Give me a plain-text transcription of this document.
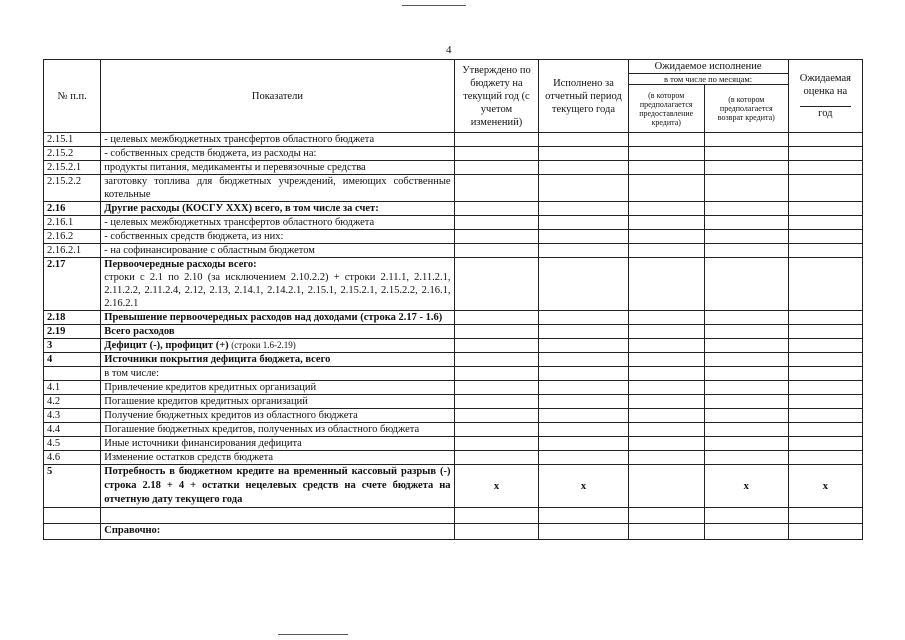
4
№ п.п.	Показатели	Утверждено по бюджету на текущий год (с учетом изменений)	Исполнено за отчетный период текущего года	Ожидаемое исполнение		Ожидаемая оценка на
год
				в том числе по месяцам:		
				(в котором предполагается предоставление кредита)	(в котором предполагается возврат кредита)	
2.15.1	- целевых межбюджетных трансфертов областного бюджета					
2.15.2	- собственных средств бюджета, из расходы на:					
2.15.2.1	продукты питания, медикаменты и перевязочные средства					
2.15.2.2	заготовку топлива для бюджетных учреждений, имеющих собственные котельные					
2.16	Другие расходы (КОСГУ XXX) всего, в том числе за счет:					
2.16.1	- целевых межбюджетных трансфертов областного бюджета					
2.16.2	- собственных средств бюджета, из них:					
2.16.2.1	- на софинансирование с областным бюджетом					
2.17	Первоочередные расходы всего:
строки с 2.1 по 2.10 (за исключением 2.10.2.2) + строки 2.11.1, 2.11.2.1, 2.11.2.2, 2.11.2.4, 2.12, 2.13, 2.14.1, 2.14.2.1, 2.15.1, 2.15.2.1, 2.15.2.2, 2.16.1, 2.16.2.1					
2.18	Превышение первоочередных расходов над доходами (строка 2.17 - 1.6)					
2.19	Всего расходов					
3	Дефицит (-), профицит (+) (строки 1.6-2.19)					
4	Источники покрытия дефицита бюджета, всего					
	в том числе:					
4.1	Привлечение кредитов кредитных организаций					
4.2	Погашение кредитов кредитных организаций					
4.3	Получение бюджетных кредитов из областного бюджета					
4.4	Погашение бюджетных кредитов, полученных из областного бюджета					
4.5	Иные источники финансирования дефицита					
4.6	Изменение остатков средств бюджета					
5	Потребность в бюджетном кредите на временный кассовый разрыв (-) строка 2.18 + 4 + остатки нецелевых средств на счете бюджета на отчетную дату текущего года	x	x		x	x

	Справочно:					
